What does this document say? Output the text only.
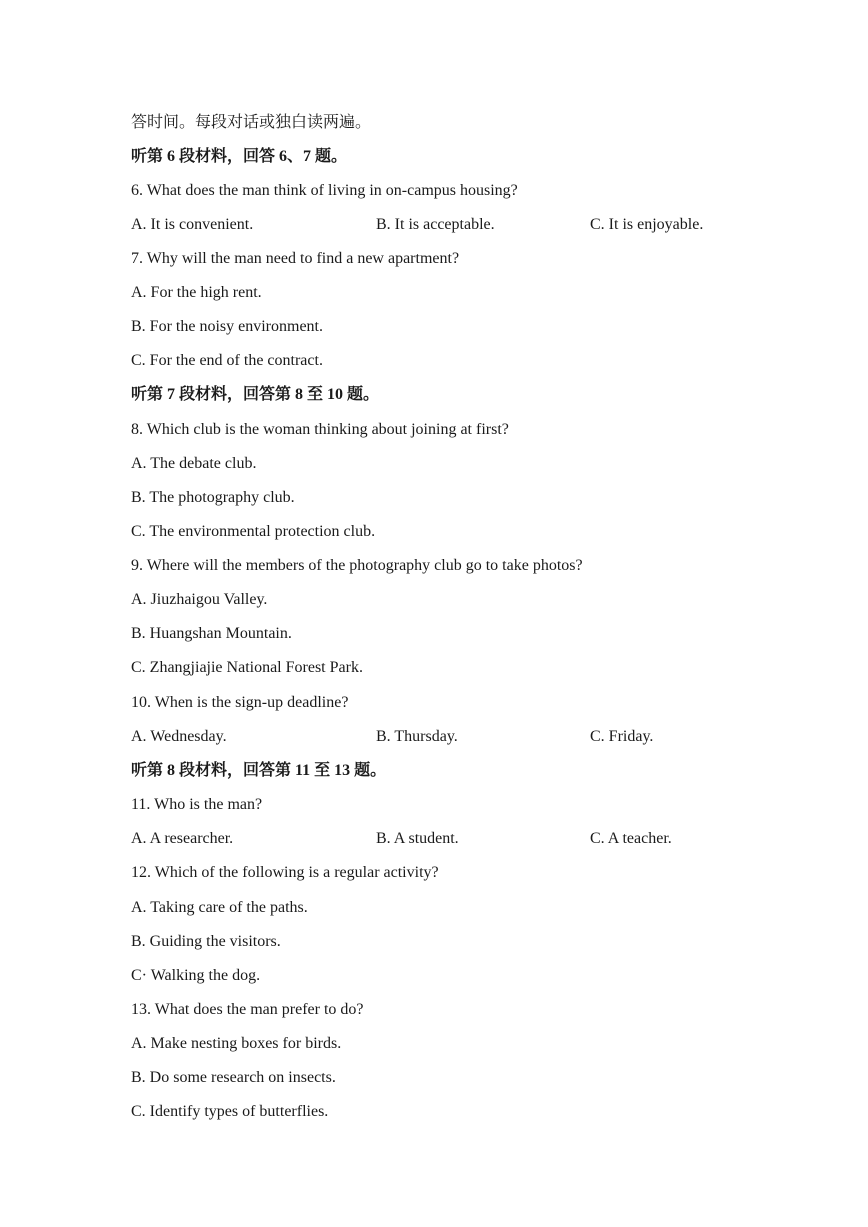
答时间。每段对话或独白读两遍。
听第 6 段材料，回答 6、7 题。
6. What does the man think of living in on-campus housing?
A. It is convenient.	B. It is acceptable.	C. It is enjoyable.
7. Why will the man need to find a new apartment?
A. For the high rent.
B. For the noisy environment.
C. For the end of the contract.
听第 7 段材料，回答第 8 至 10 题。
8. Which club is the woman thinking about joining at first?
A. The debate club.
B. The photography club.
C. The environmental protection club.
9. Where will the members of the photography club go to take photos?
A. Jiuzhaigou Valley.
B. Huangshan Mountain.
C. Zhangjiajie National Forest Park.
10. When is the sign-up deadline?
A. Wednesday.	B. Thursday.	C. Friday.
听第 8 段材料，回答第 11 至 13 题。
11. Who is the man?
A. A researcher.	B. A student.	C. A teacher.
12. Which of the following is a regular activity?
A. Taking care of the paths.
B. Guiding the visitors.
C· Walking the dog.
13. What does the man prefer to do?
A. Make nesting boxes for birds.
B. Do some research on insects.
C. Identify types of butterflies.
